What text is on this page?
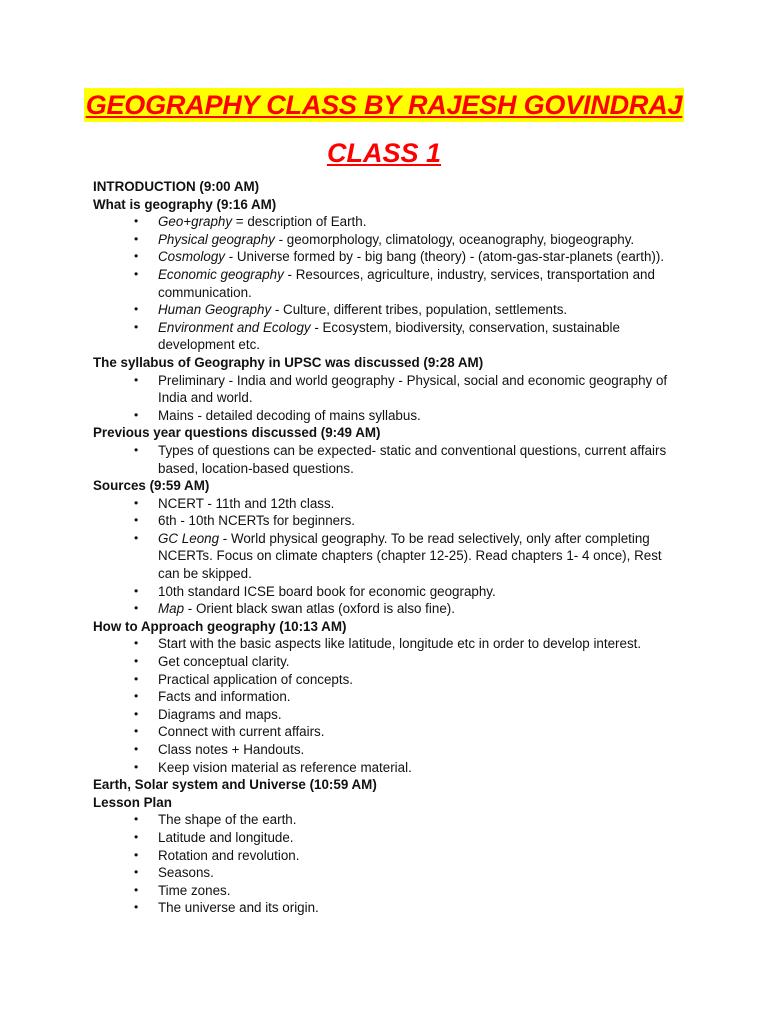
GEOGRAPHY CLASS BY RAJESH GOVINDRAJ
CLASS 1
INTRODUCTION (9:00 AM)
What is geography (9:16 AM)
• Geo+graphy = description of Earth.
• Physical geography - geomorphology, climatology, oceanography, biogeography.
• Cosmology - Universe formed by - big bang (theory) - (atom-gas-star-planets (earth)).
• Economic geography - Resources, agriculture, industry, services, transportation and communication.
• Human Geography - Culture, different tribes, population, settlements.
• Environment and Ecology - Ecosystem, biodiversity, conservation, sustainable development etc.
The syllabus of Geography in UPSC was discussed (9:28 AM)
• Preliminary - India and world geography - Physical, social and economic geography of India and world.
• Mains - detailed decoding of mains syllabus.
Previous year questions discussed (9:49 AM)
• Types of questions can be expected- static and conventional questions, current affairs based, location-based questions.
Sources (9:59 AM)
• NCERT - 11th and 12th class.
• 6th - 10th NCERTs for beginners.
• GC Leong - World physical geography. To be read selectively, only after completing NCERTs. Focus on climate chapters (chapter 12-25). Read chapters 1- 4 once), Rest can be skipped.
• 10th standard ICSE board book for economic geography.
• Map - Orient black swan atlas (oxford is also fine).
How to Approach geography (10:13 AM)
• Start with the basic aspects like latitude, longitude etc in order to develop interest.
• Get conceptual clarity.
• Practical application of concepts.
• Facts and information.
• Diagrams and maps.
• Connect with current affairs.
• Class notes + Handouts.
• Keep vision material as reference material.
Earth, Solar system and Universe (10:59 AM)
Lesson Plan
• The shape of the earth.
• Latitude and longitude.
• Rotation and revolution.
• Seasons.
• Time zones.
• The universe and its origin.
